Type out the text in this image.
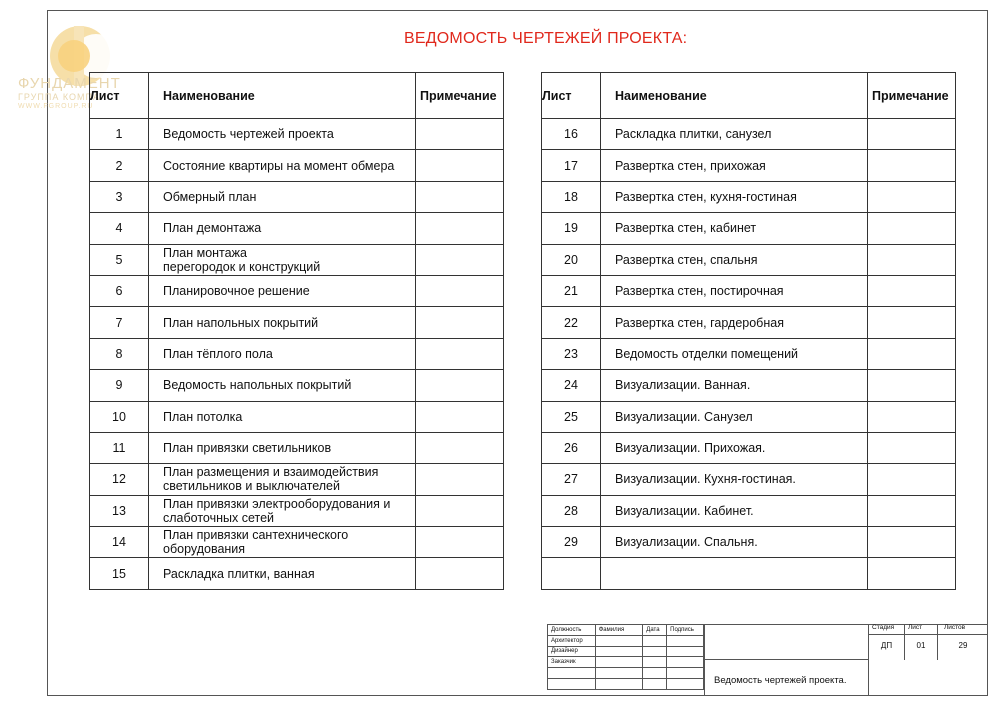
ФУНДАМЕНТ
ГРУППА КОМПА
WWW.FGROUP.RU
ВЕДОМОСТЬ ЧЕРТЕЖЕЙ ПРОЕКТА:
Лист	Наименование	Примечание
1	Ведомость чертежей проекта	

2	Состояние квартиры на момент обмера	

3	Обмерный план	

4	План демонтажа	

5	План монтажа
перегородок и конструкций	

6	Планировочное решение	

7	План напольных покрытий	

8	План тёплого пола	

9	Ведомость напольных покрытий	

10	План потолка	

11	План привязки светильников	

12	План размещения и взаимодействия
светильников и выключателей	

13	План привязки электрооборудования и
слаботочных сетей	

14	План привязки сантехнического
оборудования	

15	Раскладка плитки, ванная	

Лист	Наименование	Примечание
16	Раскладка плитки, санузел	

17	Развертка стен, прихожая	

18	Развертка стен, кухня-гостиная	

19	Развертка стен, кабинет	

20	Развертка стен, спальня	

21	Развертка стен, постирочная	

22	Развертка стен, гардеробная	

23	Ведомость отделки помещений	

24	Визуализации. Ванная.	

25	Визуализации. Санузел	

26	Визуализации. Прихожая.	

27	Визуализации. Кухня-гостиная.	

28	Визуализации. Кабинет.	

29	Визуализации. Спальня.	

Должность	Фамилия	Дата	Подпись
Архитектор			
Дизайнер			
Заказчик			

Стадия	Лист	Листов
ДП	01	29
Ведомость чертежей проекта.
